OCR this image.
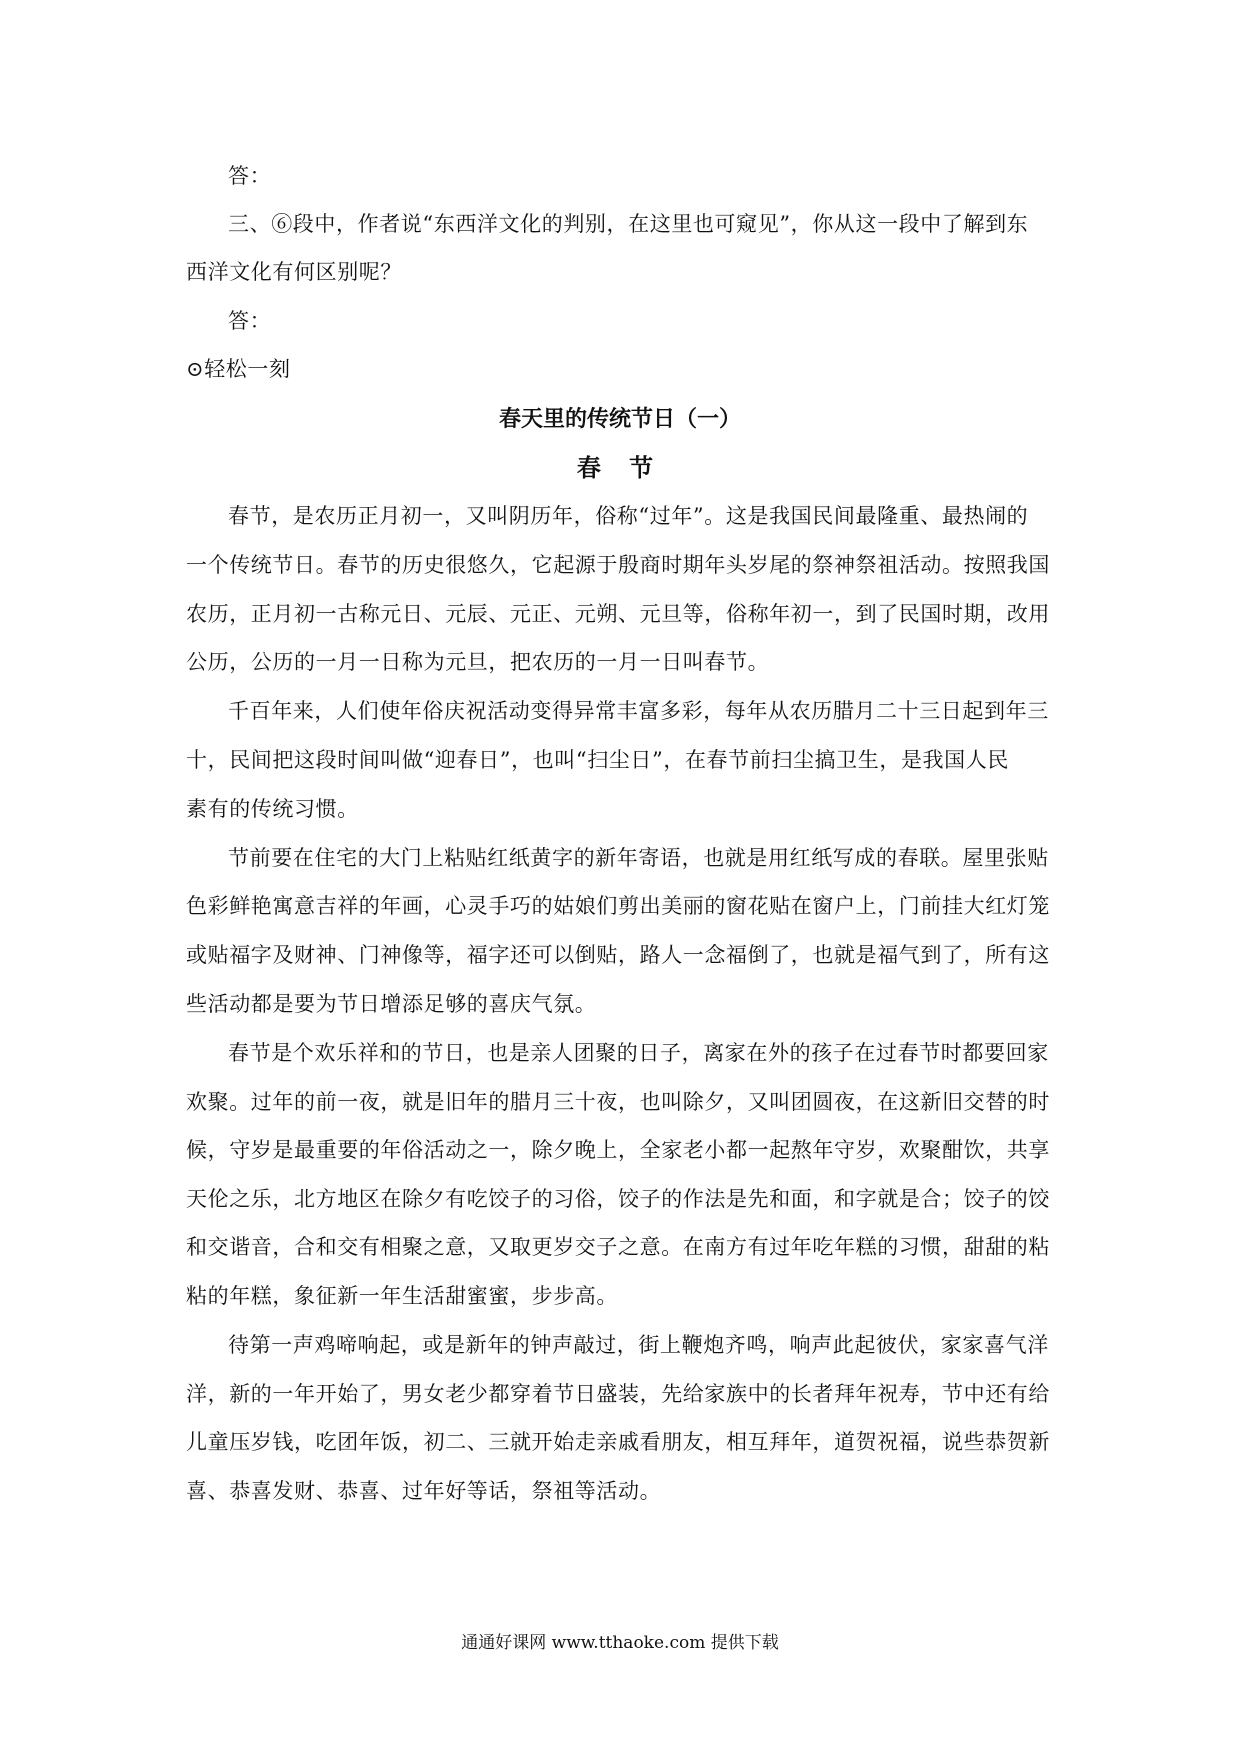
答：
三、⑥段中，作者说“东西洋文化的判别，在这里也可窥见”，你从这一段中了解到东
西洋文化有何区别呢？
答：
⊙轻松一刻
春天里的传统节日（一）
春 节
春节，是农历正月初一，又叫阴历年，俗称“过年”。这是我国民间最隆重、最热闹的
一个传统节日。春节的历史很悠久，它起源于殷商时期年头岁尾的祭神祭祖活动。按照我国
农历，正月初一古称元日、元辰、元正、元朔、元旦等，俗称年初一，到了民国时期，改用
公历，公历的一月一日称为元旦，把农历的一月一日叫春节。
千百年来，人们使年俗庆祝活动变得异常丰富多彩，每年从农历腊月二十三日起到年三
十，民间把这段时间叫做“迎春日”，也叫“扫尘日”，在春节前扫尘搞卫生，是我国人民
素有的传统习惯。
节前要在住宅的大门上粘贴红纸黄字的新年寄语，也就是用红纸写成的春联。屋里张贴
色彩鲜艳寓意吉祥的年画，心灵手巧的姑娘们剪出美丽的窗花贴在窗户上，门前挂大红灯笼
或贴福字及财神、门神像等，福字还可以倒贴，路人一念福倒了，也就是福气到了，所有这
些活动都是要为节日增添足够的喜庆气氛。
春节是个欢乐祥和的节日，也是亲人团聚的日子，离家在外的孩子在过春节时都要回家
欢聚。过年的前一夜，就是旧年的腊月三十夜，也叫除夕，又叫团圆夜，在这新旧交替的时
候，守岁是最重要的年俗活动之一，除夕晚上，全家老小都一起熬年守岁，欢聚酣饮，共享
天伦之乐，北方地区在除夕有吃饺子的习俗，饺子的作法是先和面，和字就是合；饺子的饺
和交谐音，合和交有相聚之意，又取更岁交子之意。在南方有过年吃年糕的习惯，甜甜的粘
粘的年糕，象征新一年生活甜蜜蜜，步步高。
待第一声鸡啼响起，或是新年的钟声敲过，街上鞭炮齐鸣，响声此起彼伏，家家喜气洋
洋，新的一年开始了，男女老少都穿着节日盛装，先给家族中的长者拜年祝寿，节中还有给
儿童压岁钱，吃团年饭，初二、三就开始走亲戚看朋友，相互拜年，道贺祝福，说些恭贺新
喜、恭喜发财、恭喜、过年好等话，祭祖等活动。
通通好课网 www.tthaoke.com 提供下载
